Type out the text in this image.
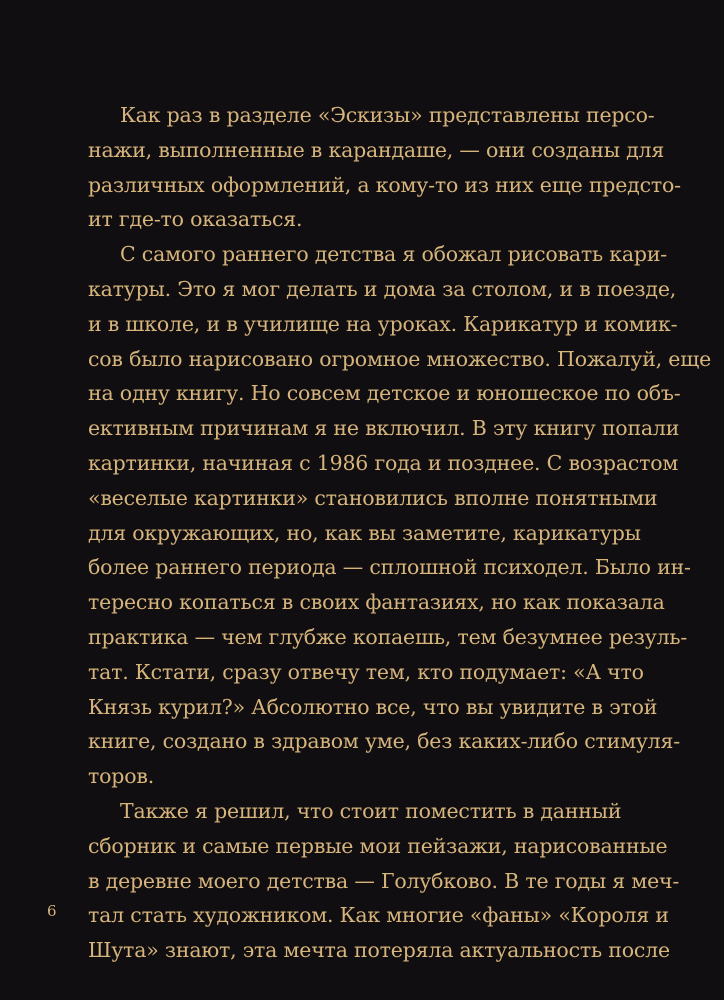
Как раз в разделе «Эскизы» представлены персо-
нажи, выполненные в карандаше, — они созданы для
различных оформлений, а кому-то из них еще предсто-
ит где-то оказаться.
С самого раннего детства я обожал рисовать кари-
катуры. Это я мог делать и дома за столом, и в поезде,
и в школе, и в училище на уроках. Карикатур и комик-
сов было нарисовано огромное множество. Пожалуй, еще
на одну книгу. Но совсем детское и юношеское по объ-
ективным причинам я не включил. В эту книгу попали
картинки, начиная с 1986 года и позднее. С возрастом
«веселые картинки» становились вполне понятными
для окружающих, но, как вы заметите, карикатуры
более раннего периода — сплошной психодел. Было ин-
тересно копаться в своих фантазиях, но как показала
практика — чем глубже копаешь, тем безумнее резуль-
тат. Кстати, сразу отвечу тем, кто подумает: «А что
Князь курил?» Абсолютно все, что вы увидите в этой
книге, создано в здравом уме, без каких-либо стимуля-
торов.
Также я решил, что стоит поместить в данный
сборник и самые первые мои пейзажи, нарисованные
в деревне моего детства — Голубково. В те годы я меч-
тал стать художником. Как многие «фаны» «Короля и
Шута» знают, эта мечта потеряла актуальность после
6
